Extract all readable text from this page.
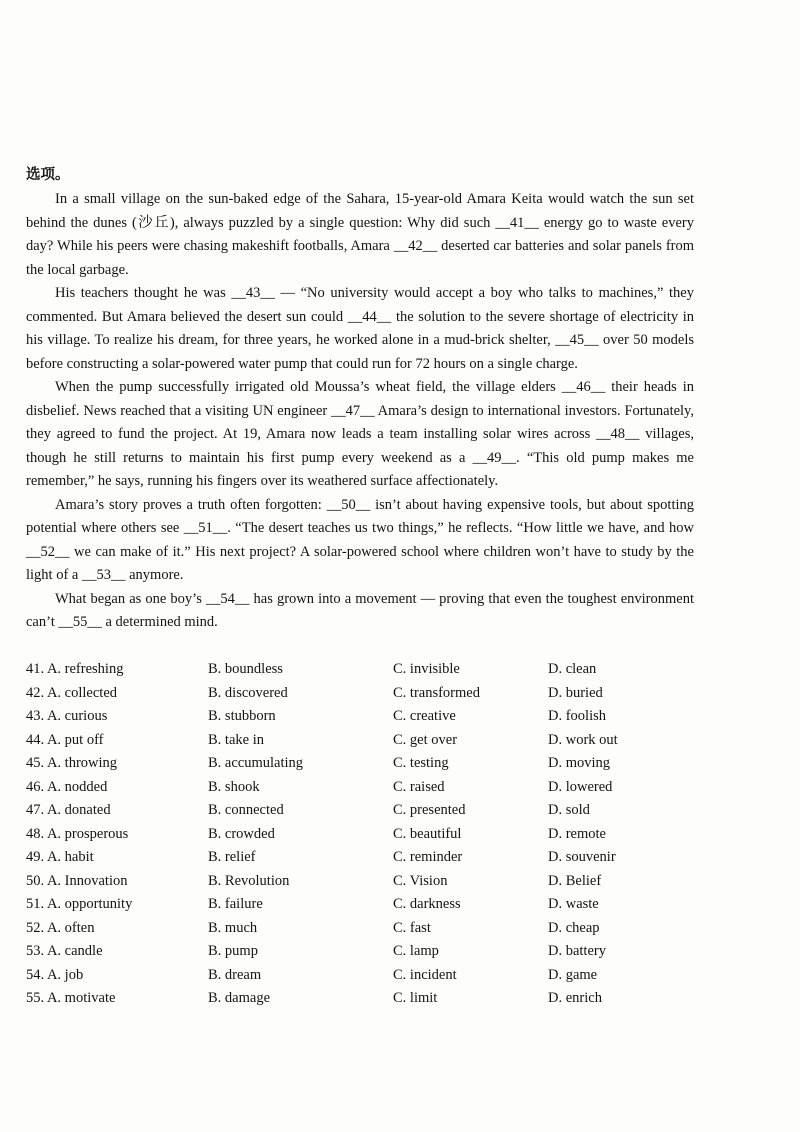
选项。

In a small village on the sun-baked edge of the Sahara, 15-year-old Amara Keita would watch the sun set behind the dunes (沙丘), always puzzled by a single question: Why did such __41__ energy go to waste every day? While his peers were chasing makeshift footballs, Amara __42__ deserted car batteries and solar panels from the local garbage.

His teachers thought he was __43__ — “No university would accept a boy who talks to machines,” they commented. But Amara believed the desert sun could __44__ the solution to the severe shortage of electricity in his village. To realize his dream, for three years, he worked alone in a mud-brick shelter, __45__ over 50 models before constructing a solar-powered water pump that could run for 72 hours on a single charge.

When the pump successfully irrigated old Moussa’s wheat field, the village elders __46__ their heads in disbelief. News reached that a visiting UN engineer __47__ Amara’s design to international investors. Fortunately, they agreed to fund the project. At 19, Amara now leads a team installing solar wires across __48__ villages, though he still returns to maintain his first pump every weekend as a __49__. “This old pump makes me remember,” he says, running his fingers over its weathered surface affectionately.

Amara’s story proves a truth often forgotten: __50__ isn’t about having expensive tools, but about spotting potential where others see __51__. “The desert teaches us two things,” he reflects. “How little we have, and how __52__ we can make of it.” His next project? A solar-powered school where children won’t have to study by the light of a __53__ anymore.

What began as one boy’s __54__ has grown into a movement — proving that even the toughest environment can’t __55__ a determined mind.

41. A. refreshing	B. boundless	C. invisible	D. clean
42. A. collected	B. discovered	C. transformed	D. buried
43. A. curious	B. stubborn	C. creative	D. foolish
44. A. put off	B. take in	C. get over	D. work out
45. A. throwing	B. accumulating	C. testing	D. moving
46. A. nodded	B. shook	C. raised	D. lowered
47. A. donated	B. connected	C. presented	D. sold
48. A. prosperous	B. crowded	C. beautiful	D. remote
49. A. habit	B. relief	C. reminder	D. souvenir
50. A. Innovation	B. Revolution	C. Vision	D. Belief
51. A. opportunity	B. failure	C. darkness	D. waste
52. A. often	B. much	C. fast	D. cheap
53. A. candle	B. pump	C. lamp	D. battery
54. A. job	B. dream	C. incident	D. game
55. A. motivate	B. damage	C. limit	D. enrich
